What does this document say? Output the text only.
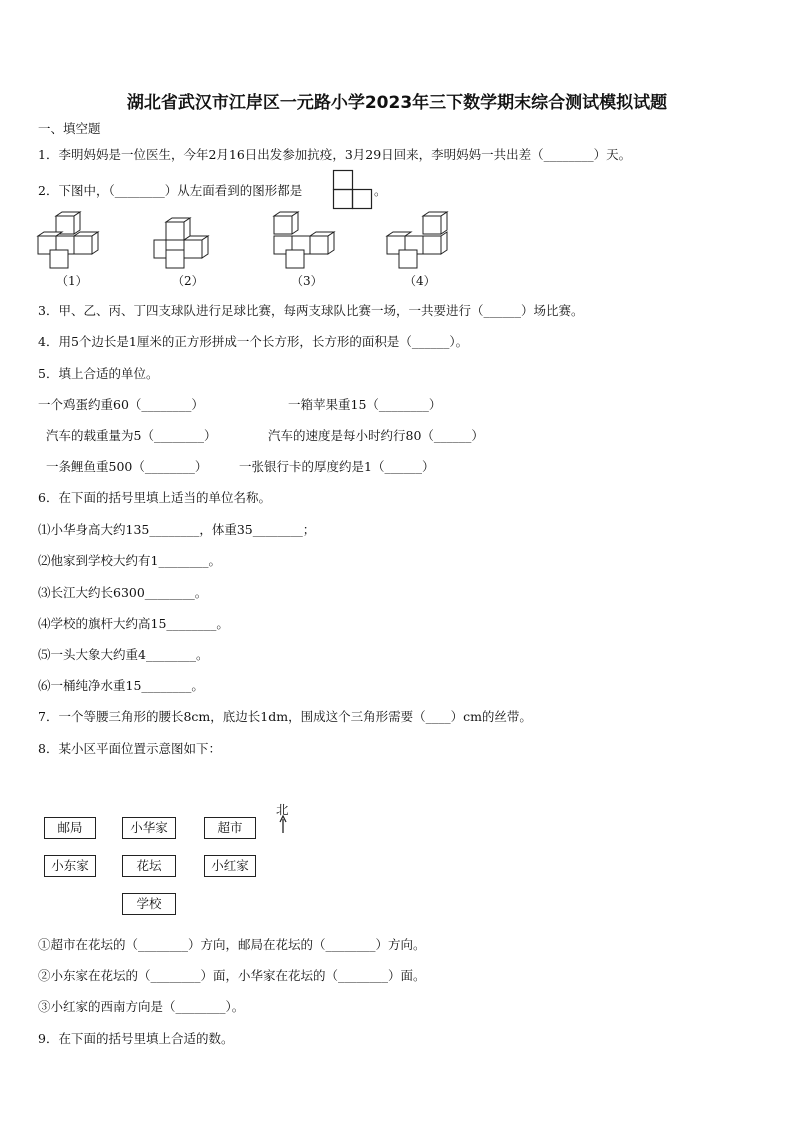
湖北省武汉市江岸区一元路小学2023年三下数学期末综合测试模拟试题
一、填空题
1．李明妈妈是一位医生，今年2月16日出发参加抗疫，3月29日回来，李明妈妈一共出差（________）天。
2．下图中，（________）从左面看到的图形都是	。
（1）	（2）	（3）	（4）
3．甲、乙、丙、丁四支球队进行足球比赛，每两支球队比赛一场，一共要进行（______）场比赛。
4．用5个边长是1厘米的正方形拼成一个长方形，长方形的面积是（______）。
5．填上合适的单位。
一个鸡蛋约重60（________）	一箱苹果重15（________）
汽车的载重量为5（________）	汽车的速度是每小时约行80（______）
一条鲤鱼重500（________）	一张银行卡的厚度约是1（______）
6．在下面的括号里填上适当的单位名称。
⑴小华身高大约135________，体重35________；
⑵他家到学校大约有1________。
⑶长江大约长6300________。
⑷学校的旗杆大约高15________。
⑸一头大象大约重4________。
⑹一桶纯净水重15________。
7．一个等腰三角形的腰长8cm，底边长1dm，围成这个三角形需要（____）cm的丝带。
8．某小区平面位置示意图如下：
北
邮局	小华家	超市
小东家	花坛	小红家
学校
①超市在花坛的（________）方向，邮局在花坛的（________）方向。
②小东家在花坛的（________）面，小华家在花坛的（________）面。
③小红家的西南方向是（________）。
9．在下面的括号里填上合适的数。
